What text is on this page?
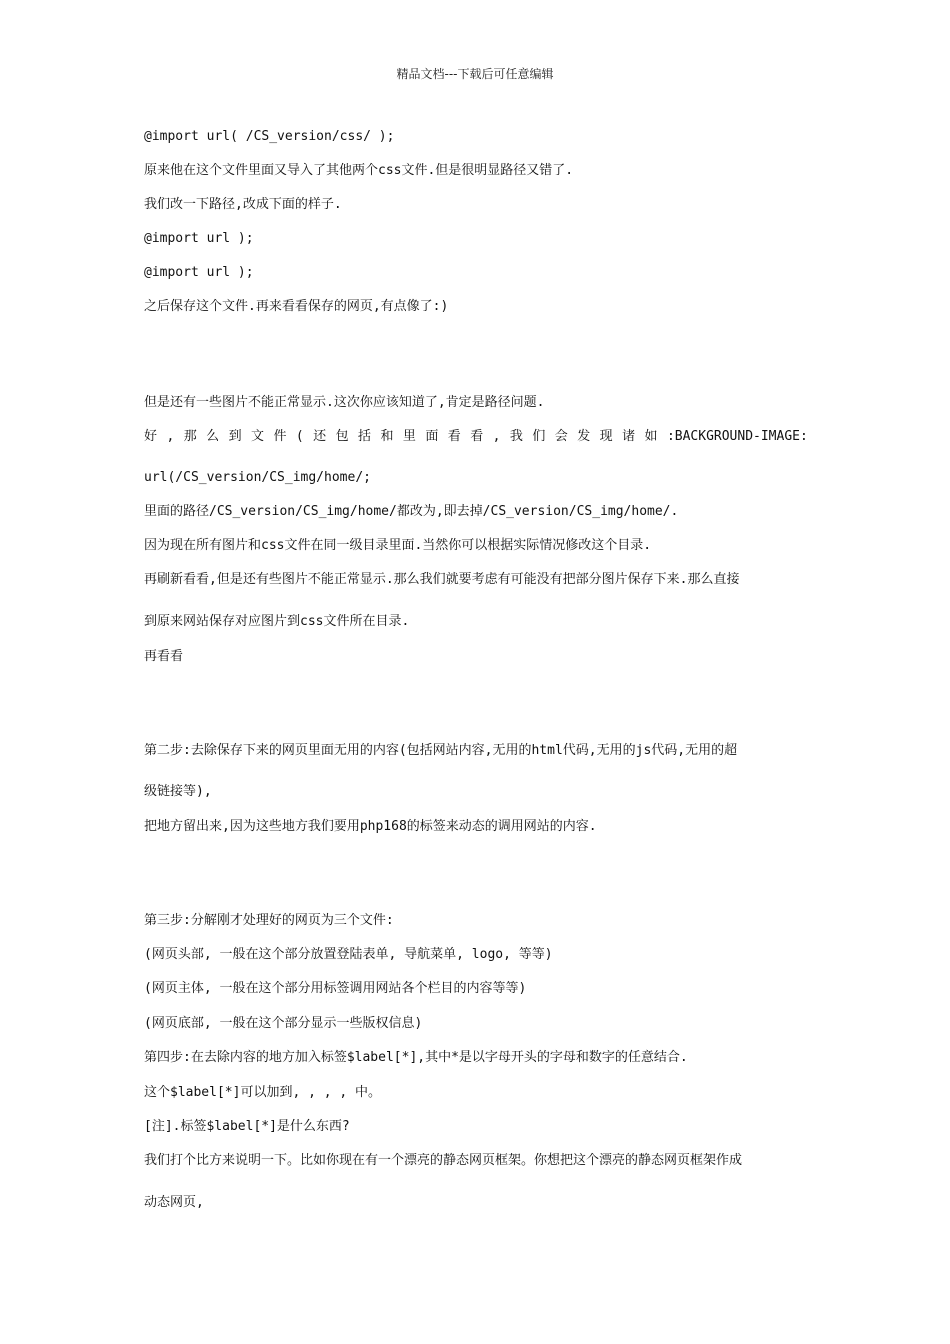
精品文档---下载后可任意编辑
@import url( /CS_version/css/ );
原来他在这个文件里面又导入了其他两个css文件.但是很明显路径又错了.
我们改一下路径,改成下面的样子.
@import url );
@import url );
之后保存这个文件.再来看看保存的网页,有点像了:)
但是还有一些图片不能正常显示.这次你应该知道了,肯定是路径问题.
好 , 那 么 到 文 件 ( 还 包 括 和 里 面 看 看 , 我 们 会 发 现 诸 如 :BACKGROUND-IMAGE:
url(/CS_version/CS_img/home/;
里面的路径/CS_version/CS_img/home/都改为,即去掉/CS_version/CS_img/home/.
因为现在所有图片和css文件在同一级目录里面.当然你可以根据实际情况修改这个目录.
再刷新看看,但是还有些图片不能正常显示.那么我们就要考虑有可能没有把部分图片保存下来.那么直接
到原来网站保存对应图片到css文件所在目录.
再看看
第二步:去除保存下来的网页里面无用的内容(包括网站内容,无用的html代码,无用的js代码,无用的超
级链接等),
把地方留出来,因为这些地方我们要用php168的标签来动态的调用网站的内容.
第三步:分解刚才处理好的网页为三个文件:
(网页头部, 一般在这个部分放置登陆表单, 导航菜单, logo, 等等)
(网页主体, 一般在这个部分用标签调用网站各个栏目的内容等等)
(网页底部, 一般在这个部分显示一些版权信息)
第四步:在去除内容的地方加入标签$label[*],其中*是以字母开头的字母和数字的任意结合.
这个$label[*]可以加到, , , , 中。
[注].标签$label[*]是什么东西?
我们打个比方来说明一下。比如你现在有一个漂亮的静态网页框架。你想把这个漂亮的静态网页框架作成
动态网页,
